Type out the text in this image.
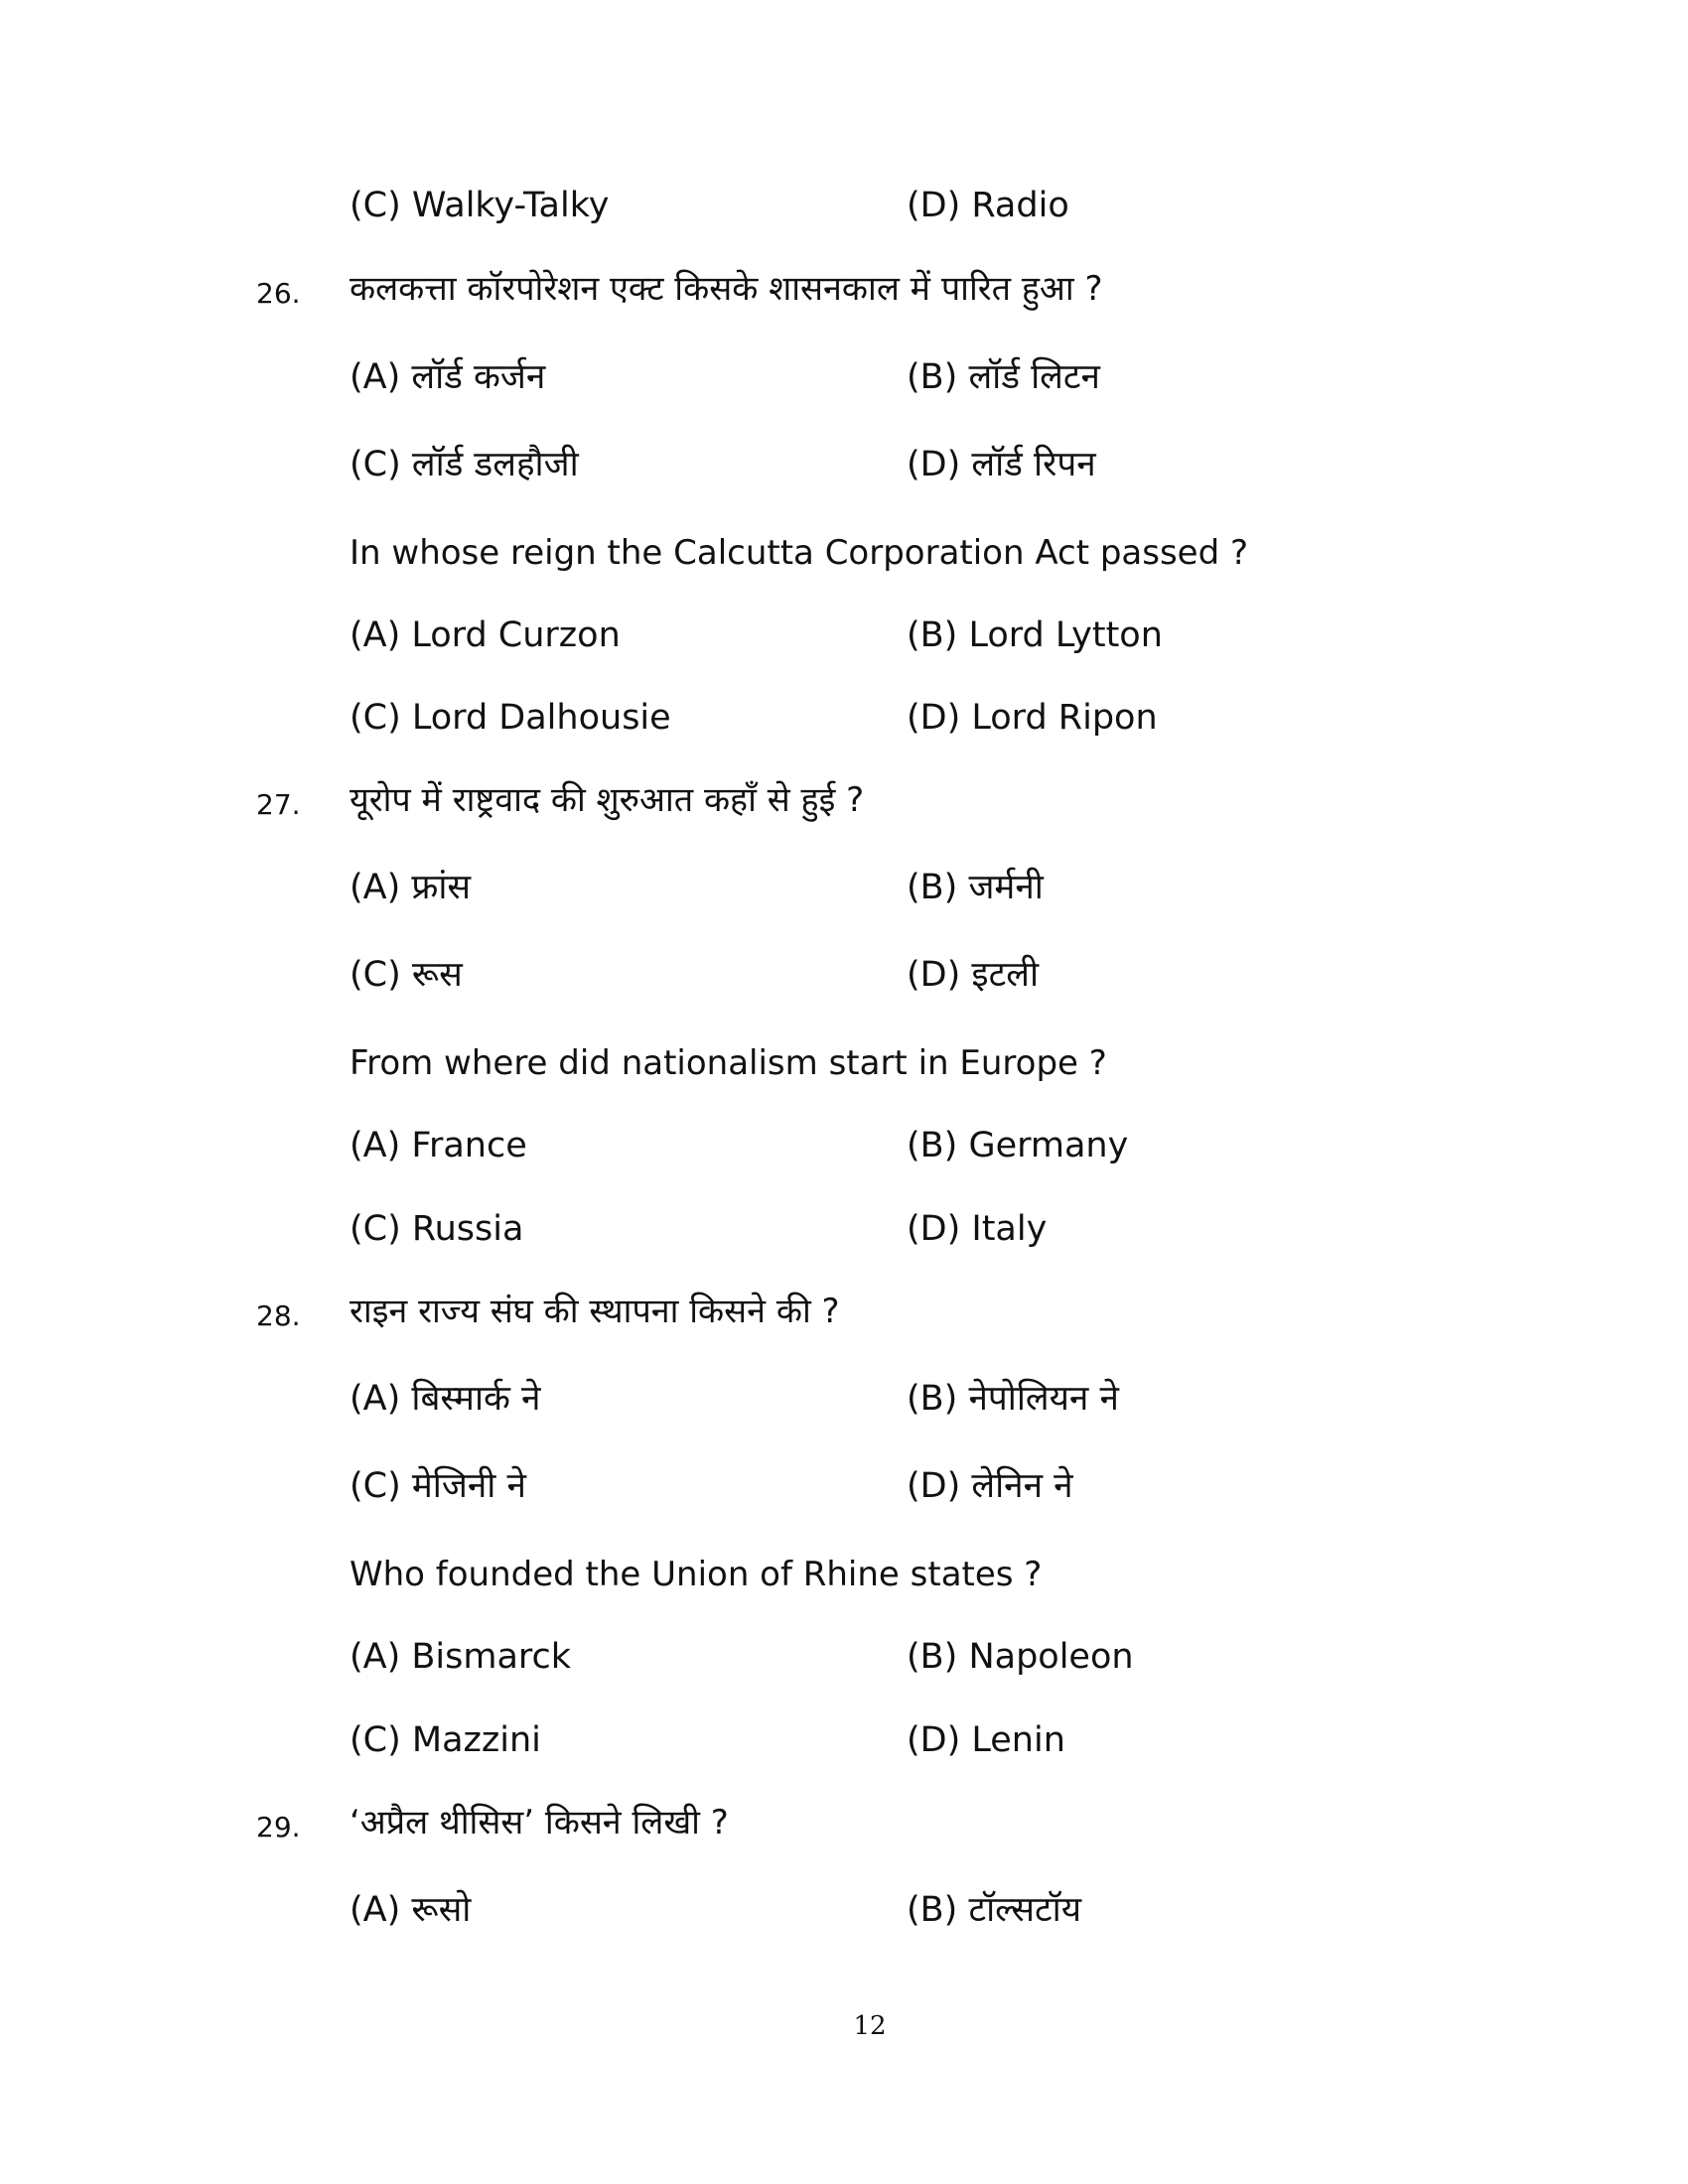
(C) Walky-Talky	(D) Radio
26. कलकत्ता कॉरपोरेशन एक्ट किसके शासनकाल में पारित हुआ ?
(A) लॉर्ड कर्जन	(B) लॉर्ड लिटन
(C) लॉर्ड डलहौजी	(D) लॉर्ड रिपन
In whose reign the Calcutta Corporation Act passed ?
(A) Lord Curzon	(B) Lord Lytton
(C) Lord Dalhousie	(D) Lord Ripon
27. यूरोप में राष्ट्रवाद की शुरुआत कहाँ से हुई ?
(A) फ्रांस	(B) जर्मनी
(C) रूस	(D) इटली
From where did nationalism start in Europe ?
(A) France	(B) Germany
(C) Russia	(D) Italy
28. राइन राज्य संघ की स्थापना किसने की ?
(A) बिस्मार्क ने	(B) नेपोलियन ने
(C) मेजिनी ने	(D) लेनिन ने
Who founded the Union of Rhine states ?
(A) Bismarck	(B) Napoleon
(C) Mazzini	(D) Lenin
29. ‘अप्रैल थीसिस’ किसने लिखी ?
(A) रूसो	(B) टॉल्सटॉय
12
